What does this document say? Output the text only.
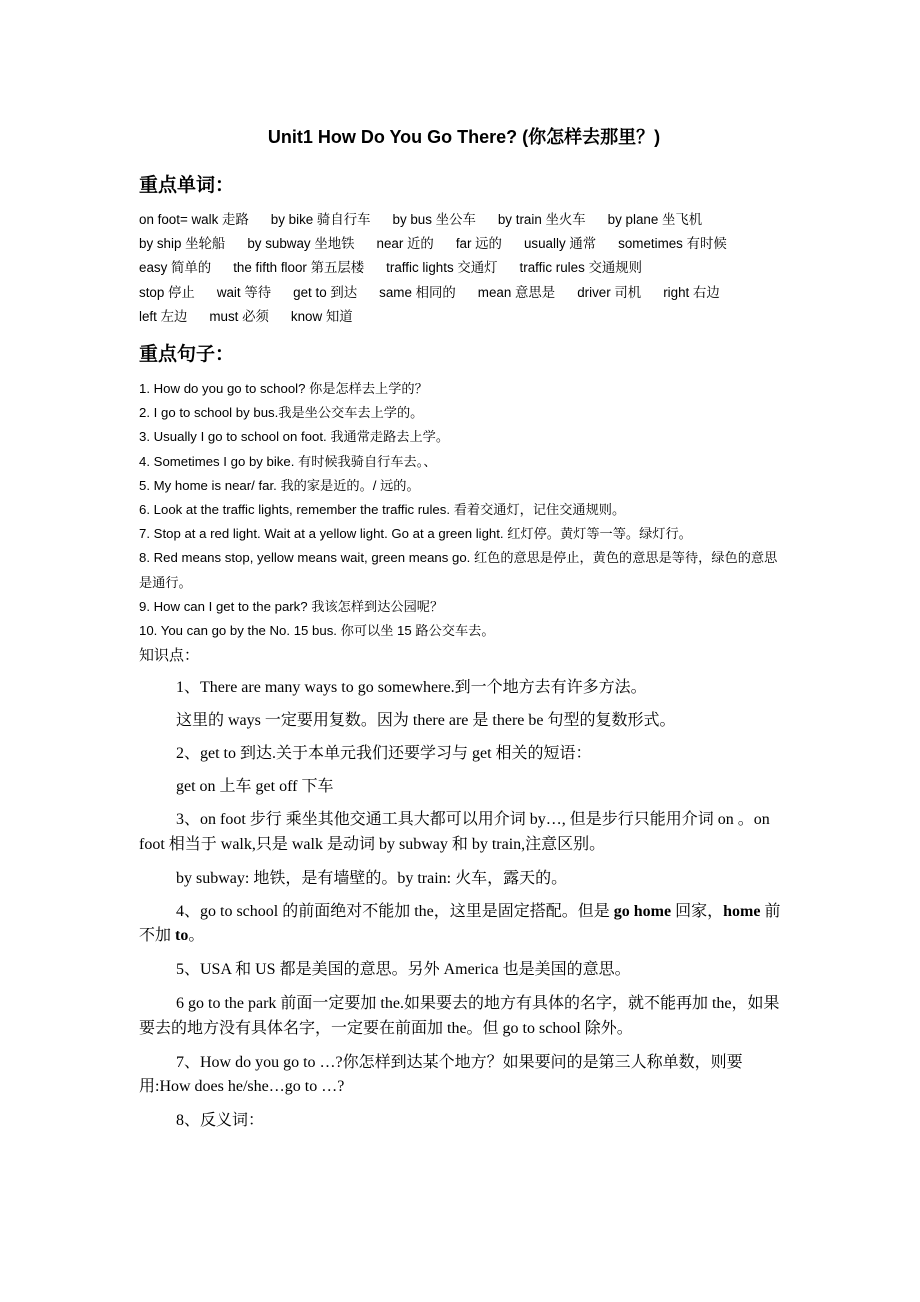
Unit1 How Do You Go There? (你怎样去那里？)
重点单词：
on foot= walk 走路 by bike 骑自行车 by bus 坐公车 by train 坐火车 by plane 坐飞机
by ship 坐轮船 by subway 坐地铁 near 近的 far 远的 usually 通常 sometimes 有时候easy 简单的 the fifth floor 第五层楼 traffic lights 交通灯 traffic rules 交通规则
stop 停止 wait 等待 get to 到达 same 相同的 mean 意思是 driver 司机 right 右边left 左边 must 必须 know 知道
重点句子：
1. How do you go to school? 你是怎样去上学的？
2. I go to school by bus.我是坐公交车去上学的。
3. Usually I go to school on foot. 我通常走路去上学。
4. Sometimes I go by bike. 有时候我骑自行车去。、
5. My home is near/ far. 我的家是近的。/ 远的。
6. Look at the traffic lights, remember the traffic rules. 看着交通灯，记住交通规则。
7. Stop at a red light. Wait at a yellow light. Go at a green light. 红灯停。黄灯等一等。绿灯行。
8. Red means stop, yellow means wait, green means go. 红色的意思是停止，黄色的意思是等待，绿色的意思是通行。
9. How can I get to the park? 我该怎样到达公园呢？
10. You can go by the No. 15 bus. 你可以坐 15 路公交车去。
知识点：

1、There are many ways to go somewhere.到一个地方去有许多方法。

这里的 ways 一定要用复数。因为 there are 是 there be 句型的复数形式。

2、get to 到达.关于本单元我们还要学习与 get 相关的短语：

get on 上车 get off 下车

3、on foot 步行 乘坐其他交通工具大都可以用介词 by…, 但是步行只能用介词 on 。on foot 相当于 walk,只是 walk 是动词 by subway 和 by train,注意区别。

by subway: 地铁，是有墙壁的。by train: 火车，露天的。

4、go to school 的前面绝对不能加 the，这里是固定搭配。但是 go home 回家，home 前不加 to。

5、USA 和 US 都是美国的意思。另外 America 也是美国的意思。

6 go to the park 前面一定要加 the.如果要去的地方有具体的名字，就不能再加 the，如果要去的地方没有具体名字，一定要在前面加 the。但 go to school 除外。

7、How do you go to …?你怎样到达某个地方？如果要问的是第三人称单数，则要用:How does he/she…go to …?

8、反义词：
